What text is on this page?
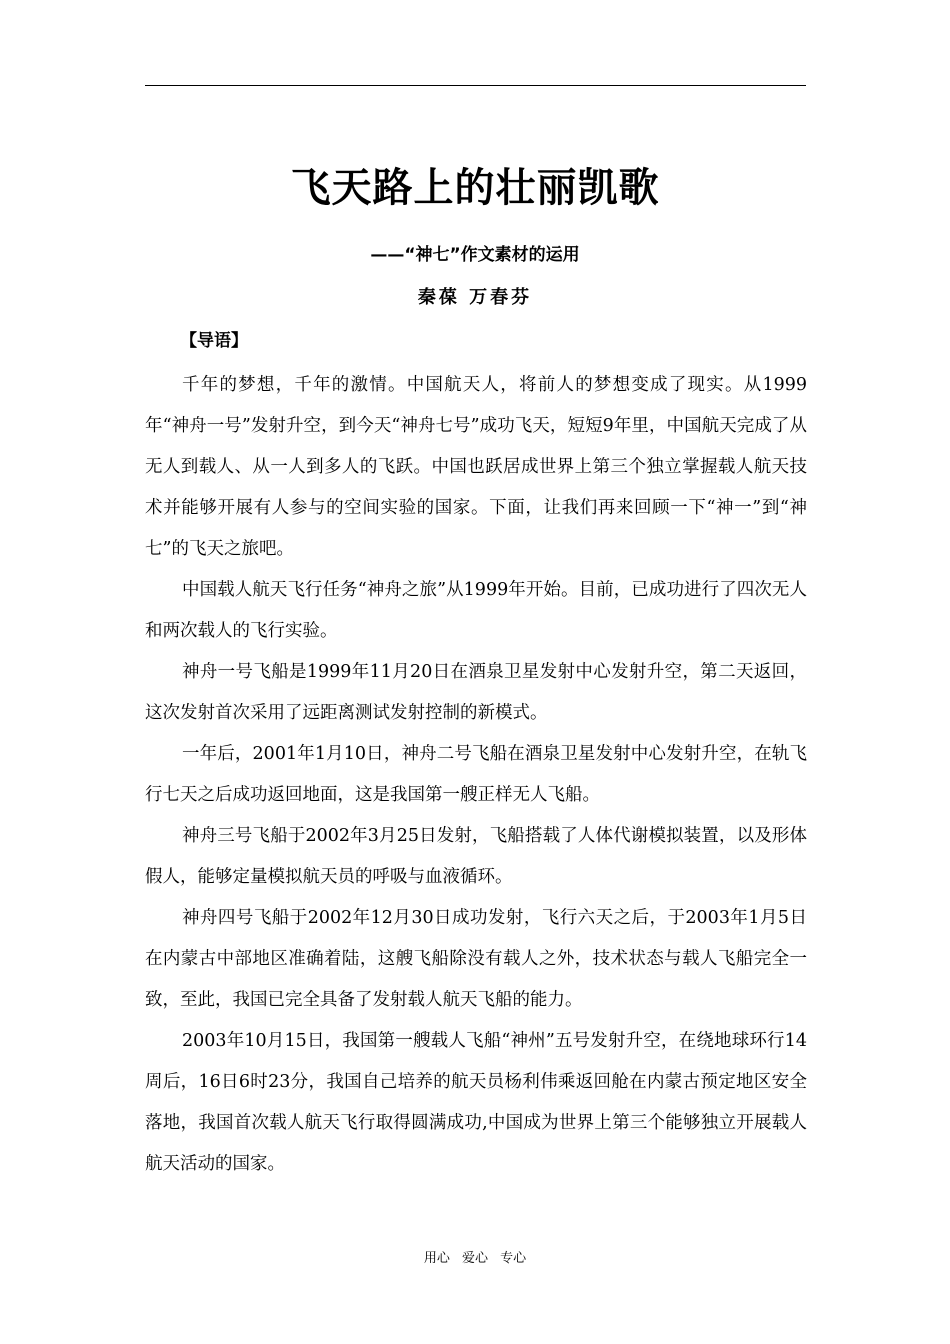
飞天路上的壮丽凯歌
——“神七”作文素材的运用
秦葆 万春芬
【导语】

千年的梦想，千年的激情。中国航天人，将前人的梦想变成了现实。从1999年“神舟一号”发射升空，到今天“神舟七号”成功飞天，短短9年里，中国航天完成了从无人到载人、从一人到多人的飞跃。中国也跃居成世界上第三个独立掌握载人航天技术并能够开展有人参与的空间实验的国家。下面，让我们再来回顾一下“神一”到“神七”的飞天之旅吧。

中国载人航天飞行任务“神舟之旅”从1999年开始。目前，已成功进行了四次无人和两次载人的飞行实验。

神舟一号飞船是1999年11月20日在酒泉卫星发射中心发射升空，第二天返回，这次发射首次采用了远距离测试发射控制的新模式。

一年后，2001年1月10日，神舟二号飞船在酒泉卫星发射中心发射升空，在轨飞行七天之后成功返回地面，这是我国第一艘正样无人飞船。

神舟三号飞船于2002年3月25日发射，飞船搭载了人体代谢模拟装置，以及形体假人，能够定量模拟航天员的呼吸与血液循环。

神舟四号飞船于2002年12月30日成功发射，飞行六天之后，于2003年1月5日在内蒙古中部地区准确着陆，这艘飞船除没有载人之外，技术状态与载人飞船完全一致，至此，我国已完全具备了发射载人航天飞船的能力。

2003年10月15日，我国第一艘载人飞船“神州”五号发射升空，在绕地球环行14周后，16日6时23分，我国自己培养的航天员杨利伟乘返回舱在内蒙古预定地区安全落地，我国首次载人航天飞行取得圆满成功,中国成为世界上第三个能够独立开展载人航天活动的国家。

用心 爱心 专心
